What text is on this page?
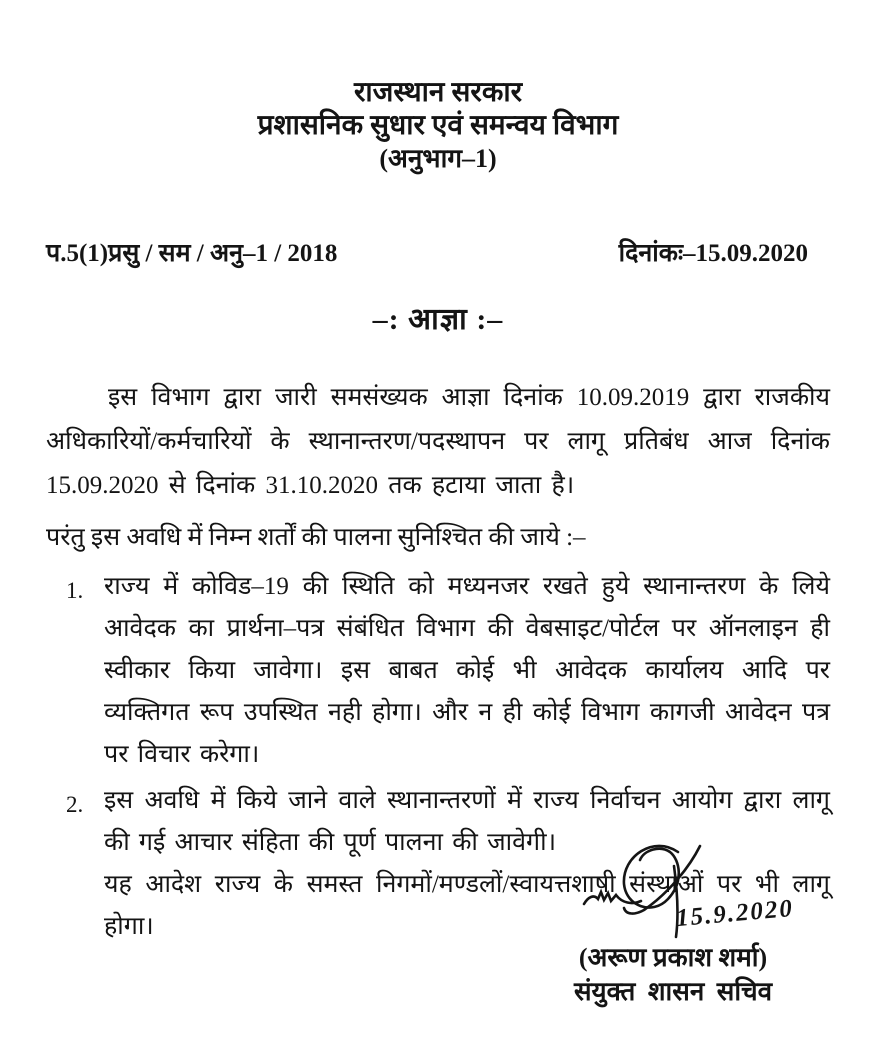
राजस्थान सरकार
प्रशासनिक सुधार एवं समन्वय विभाग
(अनुभाग–1)
प.5(1)प्रसु / सम / अनु–1 / 2018	दिनांकः–15.09.2020
–: आज्ञा :–
इस विभाग द्वारा जारी समसंख्यक आज्ञा दिनांक 10.09.2019 द्वारा राजकीय अधिकारियों/कर्मचारियों के स्थानान्तरण/पदस्थापन पर लागू प्रतिबंध आज दिनांक 15.09.2020 से दिनांक 31.10.2020 तक हटाया जाता है।
परंतु इस अवधि में निम्न शर्तों की पालना सुनिश्चित की जाये :–
1. राज्य में कोविड–19 की स्थिति को मध्यनजर रखते हुये स्थानान्तरण के लिये आवेदक का प्रार्थना–पत्र संबंधित विभाग की वेबसाइट/पोर्टल पर ऑनलाइन ही स्वीकार किया जावेगा। इस बाबत कोई भी आवेदक कार्यालय आदि पर व्यक्तिगत रूप उपस्थित नही होगा। और न ही कोई विभाग कागजी आवेदन पत्र पर विचार करेगा।
2. इस अवधि में किये जाने वाले स्थानान्तरणों में राज्य निर्वाचन आयोग द्वारा लागू की गई आचार संहिता की पूर्ण पालना की जावेगी।
यह आदेश राज्य के समस्त निगमों/मण्डलों/स्वायत्तशाषी संस्थाओं पर भी लागू होगा।	15.9.2020
(अरूण प्रकाश शर्मा)
संयुक्त शासन सचिव
